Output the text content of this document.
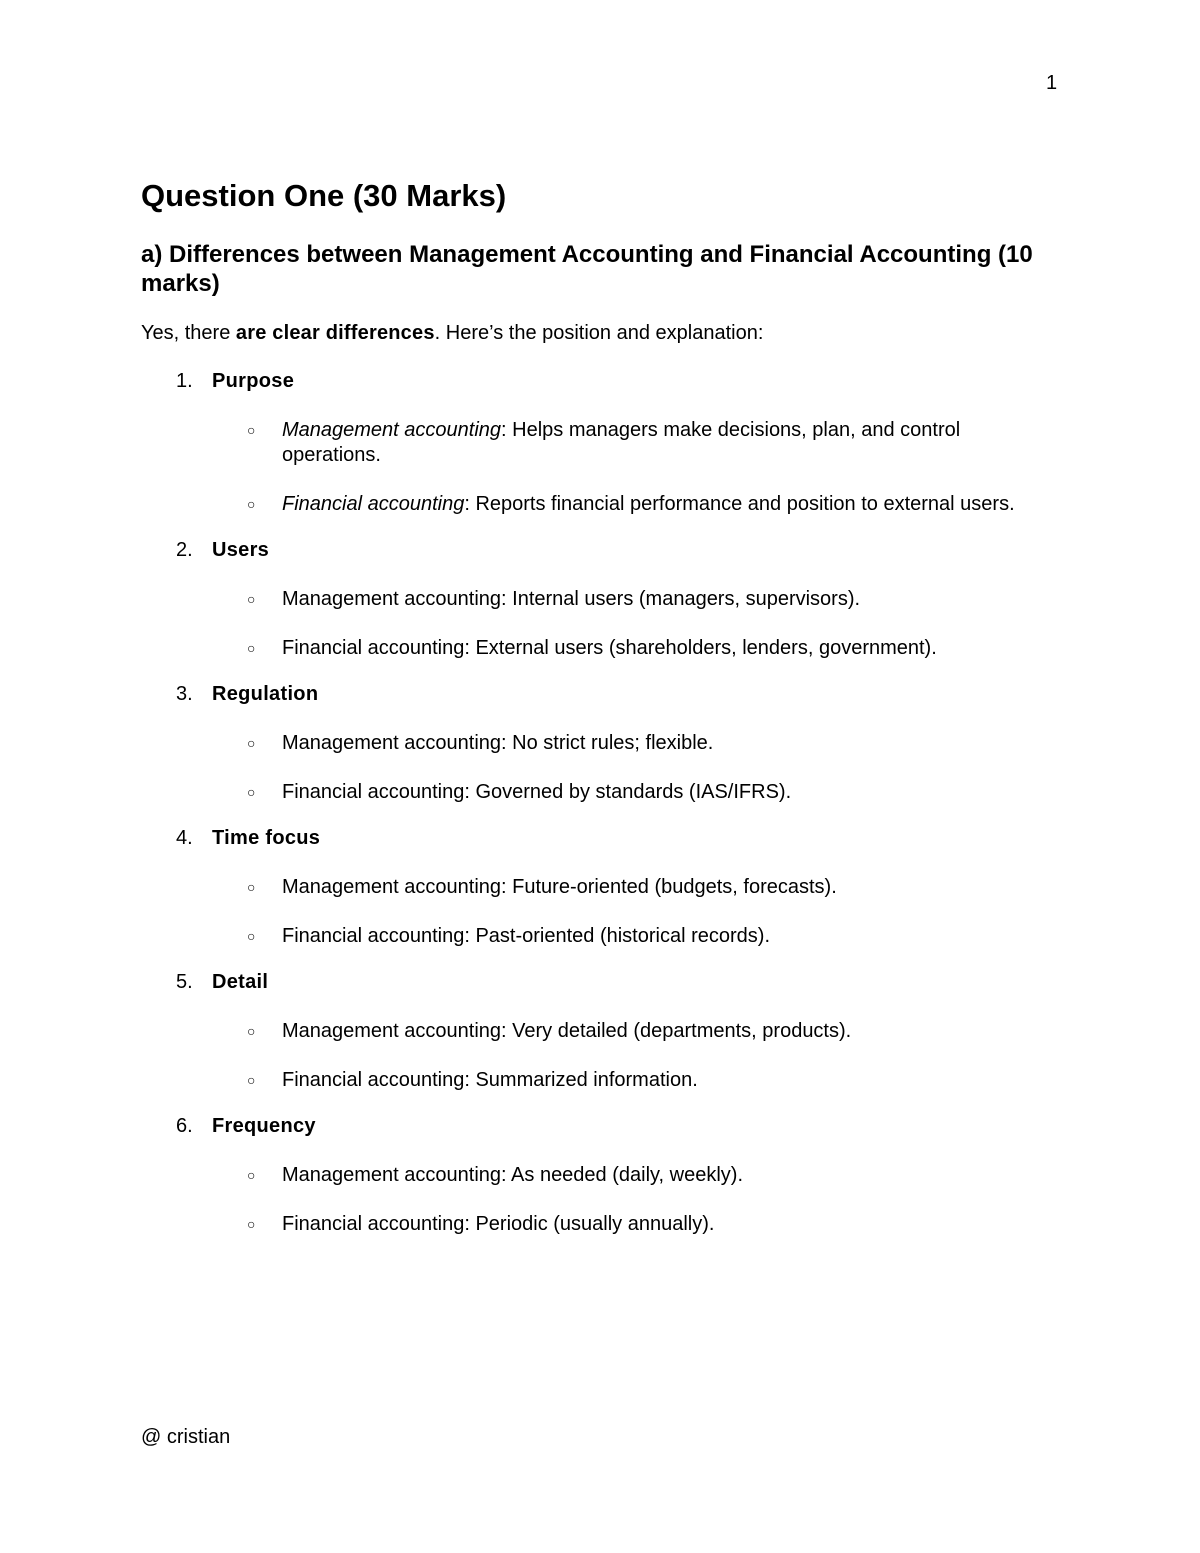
1
Question One (30 Marks)
a) Differences between Management Accounting and Financial Accounting (10 marks)

Yes, there are clear differences. Here’s the position and explanation:

1. Purpose
○	Management accounting: Helps managers make decisions, plan, and control operations.
○	Financial accounting: Reports financial performance and position to external users.
2. Users
○	Management accounting: Internal users (managers, supervisors).
○	Financial accounting: External users (shareholders, lenders, government).
3. Regulation
○	Management accounting: No strict rules; flexible.
○	Financial accounting: Governed by standards (IAS/IFRS).
4. Time focus
○	Management accounting: Future-oriented (budgets, forecasts).
○	Financial accounting: Past-oriented (historical records).
5. Detail
○	Management accounting: Very detailed (departments, products).
○	Financial accounting: Summarized information.
6. Frequency
○	Management accounting: As needed (daily, weekly).
○	Financial accounting: Periodic (usually annually).
@ cristian
